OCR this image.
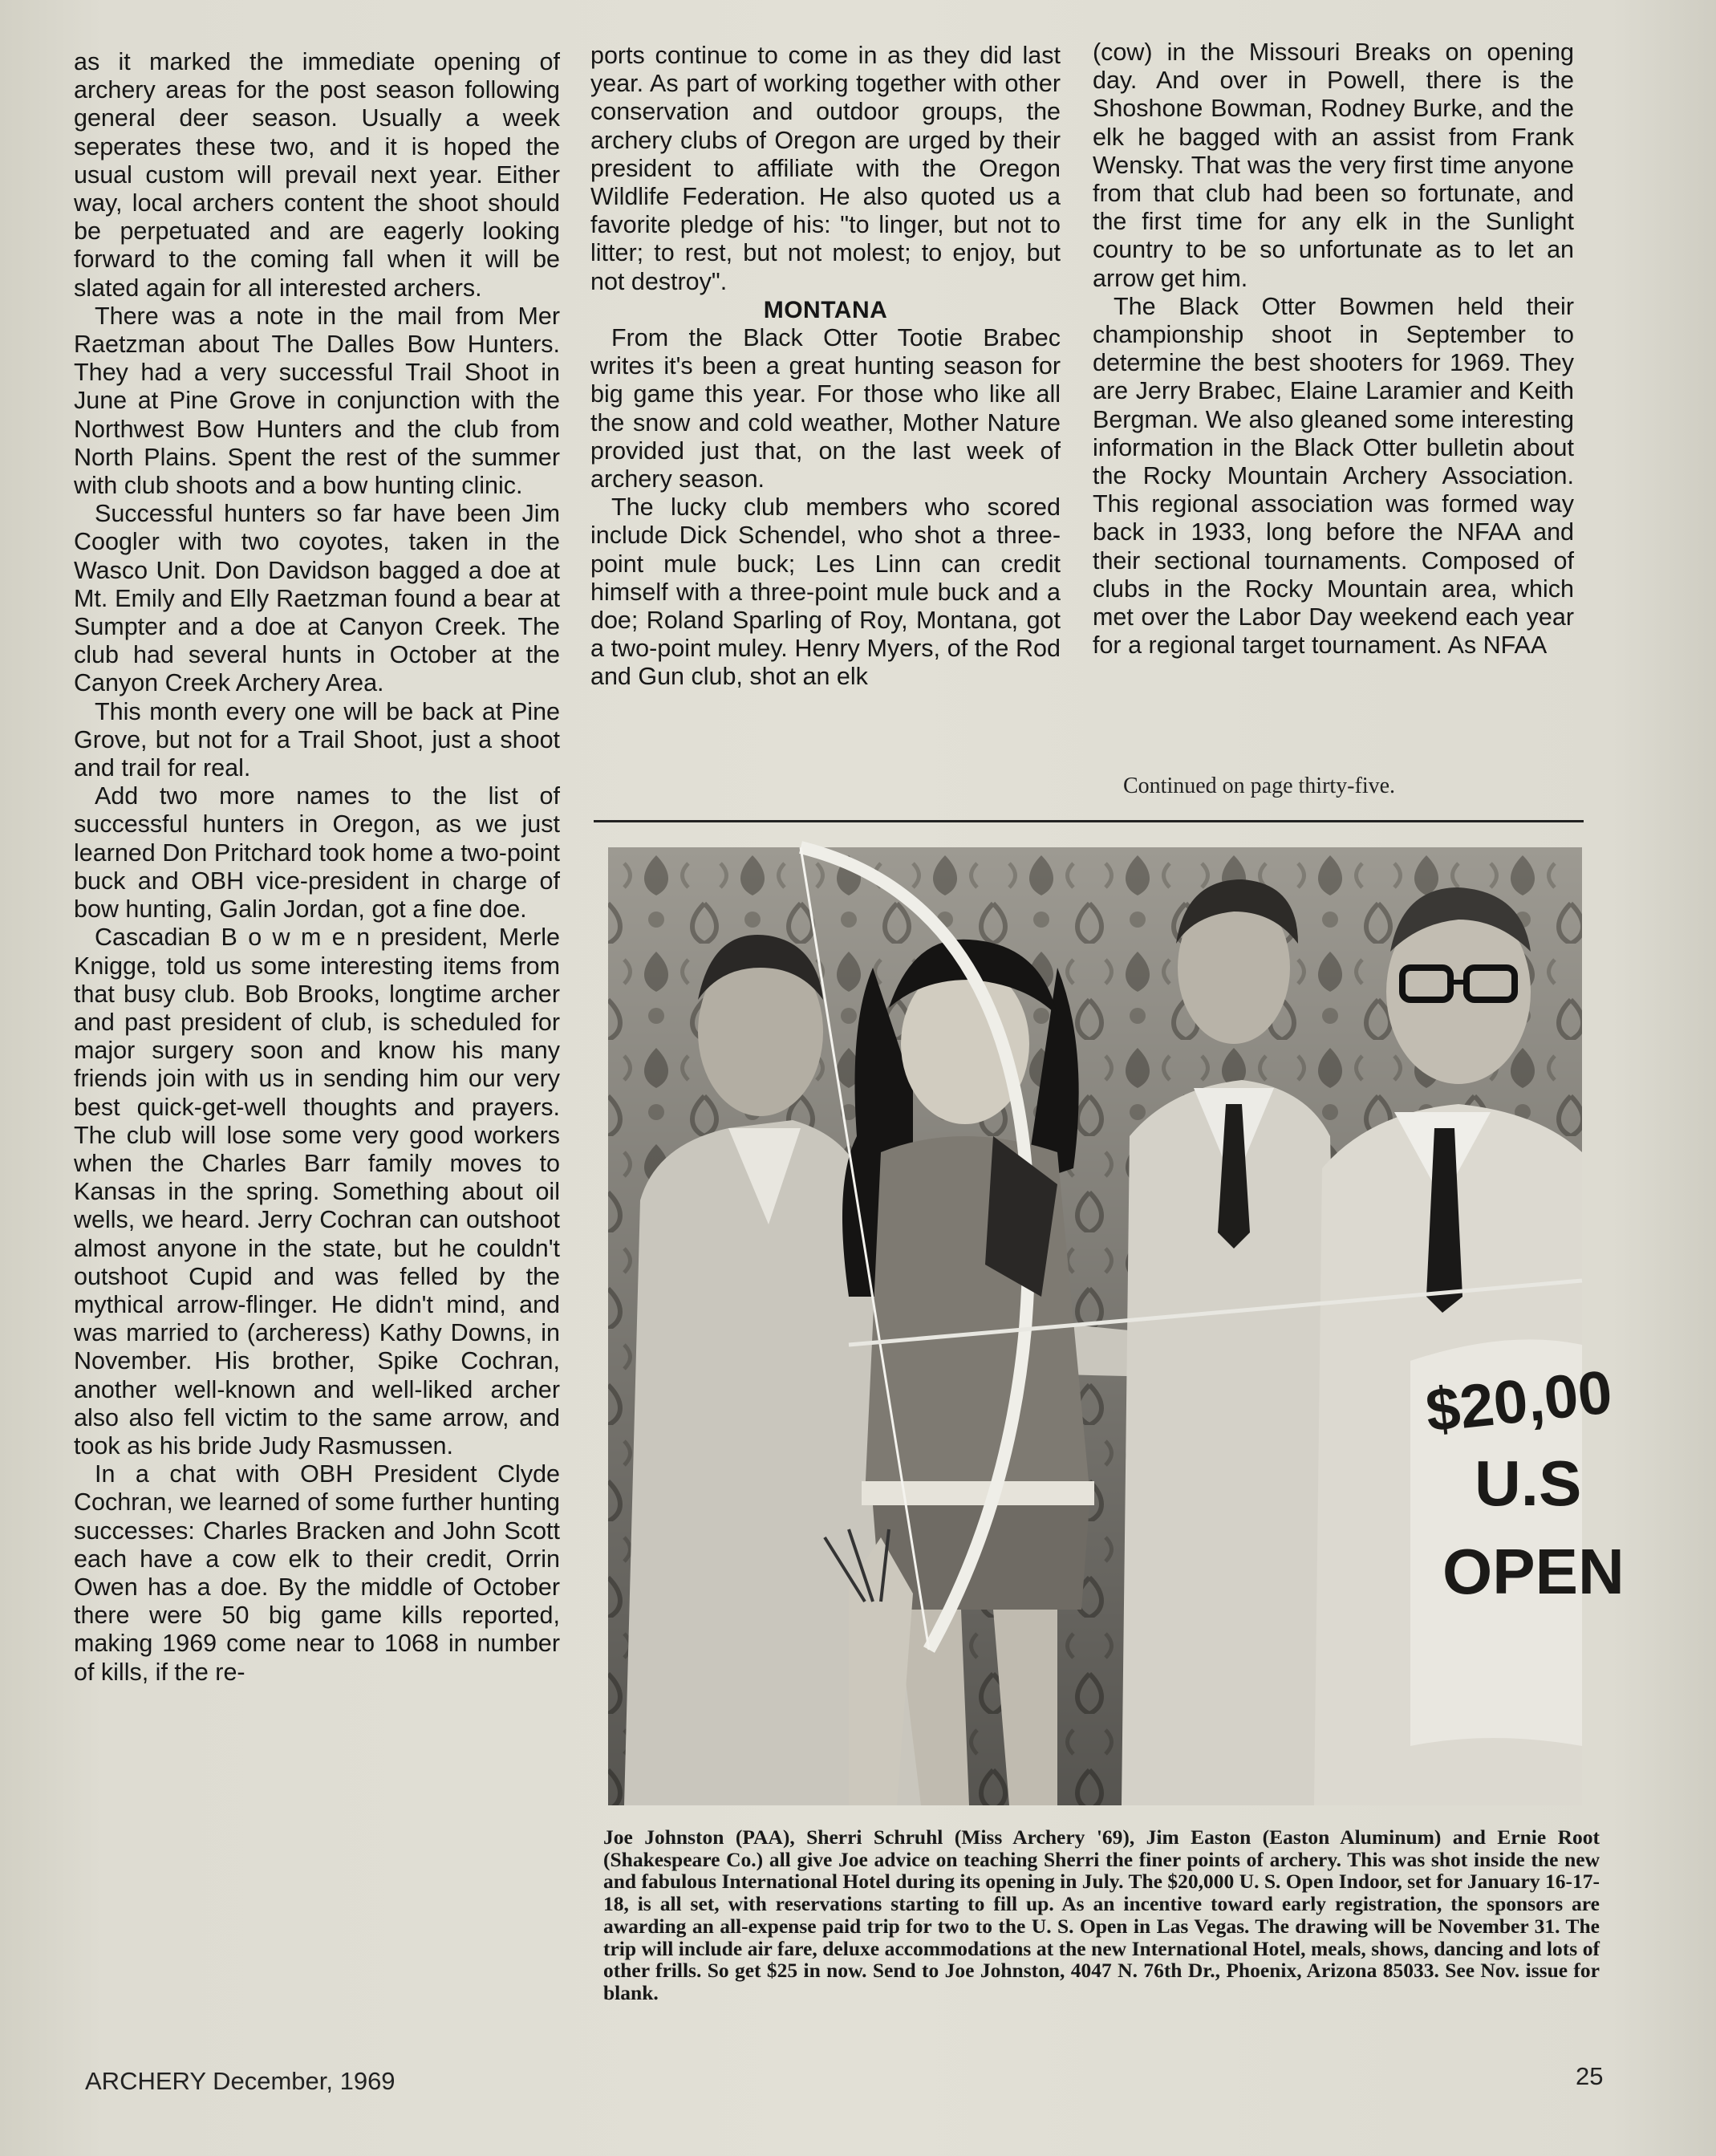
as it marked the immediate opening of archery areas for the post season following general deer season. Usually a week seperates these two, and it is hoped the usual custom will prevail next year. Either way, local archers content the shoot should be perpetuated and are eagerly looking forward to the coming fall when it will be slated again for all interested archers.

There was a note in the mail from Mer Raetzman about The Dalles Bow Hunters. They had a very successful Trail Shoot in June at Pine Grove in conjunction with the Northwest Bow Hunters and the club from North Plains. Spent the rest of the summer with club shoots and a bow hunting clinic.

Successful hunters so far have been Jim Coogler with two coyotes, taken in the Wasco Unit. Don Davidson bagged a doe at Mt. Emily and Elly Raetzman found a bear at Sumpter and a doe at Canyon Creek. The club had several hunts in October at the Canyon Creek Archery Area.

This month every one will be back at Pine Grove, but not for a Trail Shoot, just a shoot and trail for real.

Add two more names to the list of successful hunters in Oregon, as we just learned Don Pritchard took home a two-point buck and OBH vice-president in charge of bow hunting, Galin Jordan, got a fine doe.

Cascadian B o w m e n president, Merle Knigge, told us some interesting items from that busy club. Bob Brooks, longtime archer and past president of club, is scheduled for major surgery soon and know his many friends join with us in sending him our very best quick-get-well thoughts and prayers. The club will lose some very good workers when the Charles Barr family moves to Kansas in the spring. Something about oil wells, we heard. Jerry Cochran can outshoot almost anyone in the state, but he couldn't outshoot Cupid and was felled by the mythical arrow-flinger. He didn't mind, and was married to (archeress) Kathy Downs, in November. His brother, Spike Cochran, another well-known and well-liked archer also also fell victim to the same arrow, and took as his bride Judy Rasmussen.

In a chat with OBH President Clyde Cochran, we learned of some further hunting successes: Charles Bracken and John Scott each have a cow elk to their credit, Orrin Owen has a doe. By the middle of October there were 50 big game kills reported, making 1969 come near to 1068 in number of kills, if the re-

ports continue to come in as they did last year. As part of working together with other conservation and outdoor groups, the archery clubs of Oregon are urged by their president to affiliate with the Oregon Wildlife Federation. He also quoted us a favorite pledge of his: "to linger, but not to litter; to rest, but not molest; to enjoy, but not destroy".

MONTANA

From the Black Otter Tootie Brabec writes it's been a great hunting season for big game this year. For those who like all the snow and cold weather, Mother Nature provided just that, on the last week of archery season.

The lucky club members who scored include Dick Schendel, who shot a three-point mule buck; Les Linn can credit himself with a three-point mule buck and a doe; Roland Sparling of Roy, Montana, got a two-point muley. Henry Myers, of the Rod and Gun club, shot an elk

(cow) in the Missouri Breaks on opening day. And over in Powell, there is the Shoshone Bowman, Rodney Burke, and the elk he bagged with an assist from Frank Wensky. That was the very first time anyone from that club had been so fortunate, and the first time for any elk in the Sunlight country to be so unfortunate as to let an arrow get him.

The Black Otter Bowmen held their championship shoot in September to determine the best shooters for 1969. They are Jerry Brabec, Elaine Laramier and Keith Bergman. We also gleaned some interesting information in the Black Otter bulletin about the Rocky Mountain Archery Association. This regional association was formed way back in 1933, long before the NFAA and their sectional tournaments. Composed of clubs in the Rocky Mountain area, which met over the Labor Day weekend each year for a regional target tournament. As NFAA

Continued on page thirty-five.
$20,00
U.S
OPEN
Joe Johnston (PAA), Sherri Schruhl (Miss Archery '69), Jim Easton (Easton Aluminum) and Ernie Root (Shakespeare Co.) all give Joe advice on teaching Sherri the finer points of archery. This was shot inside the new and fabulous International Hotel during its opening in July. The $20,000 U. S. Open Indoor, set for January 16-17-18, is all set, with reservations starting to fill up. As an incentive toward early registration, the sponsors are awarding an all-expense paid trip for two to the U. S. Open in Las Vegas. The drawing will be November 31. The trip will include air fare, deluxe accommodations at the new International Hotel, meals, shows, dancing and lots of other frills. So get $25 in now. Send to Joe Johnston, 4047 N. 76th Dr., Phoenix, Arizona 85033. See Nov. issue for blank.
ARCHERY December, 1969	25
